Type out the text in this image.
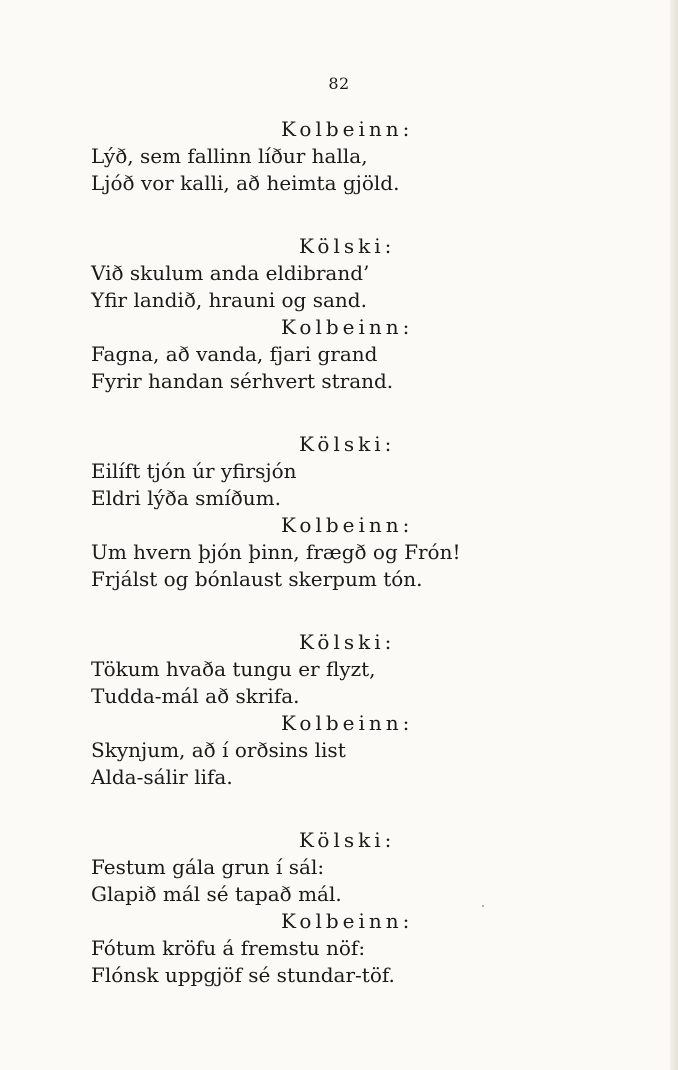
82
Kolbeinn:
Lýð, sem fallinn líður halla,
Ljóð vor kalli, að heimta gjöld.
Kölski:
Við skulum anda eldibrand’
Yfir landið, hrauni og sand.
Kolbeinn:
Fagna, að vanda, fjari grand
Fyrir handan sérhvert strand.
Kölski:
Eilíft tjón úr yfirsjón
Eldri lýða smíðum.
Kolbeinn:
Um hvern þjón þinn, frægð og Frón!
Frjálst og bónlaust skerpum tón.
Kölski:
Tökum hvaða tungu er flyzt,
Tudda-mál að skrifa.
Kolbeinn:
Skynjum, að í orðsins list
Alda-sálir lifa.
Kölski:
Festum gála grun í sál:
Glapið mál sé tapað mál.
Kolbeinn:
Fótum kröfu á fremstu nöf:
Flónsk uppgjöf sé stundar-töf.
